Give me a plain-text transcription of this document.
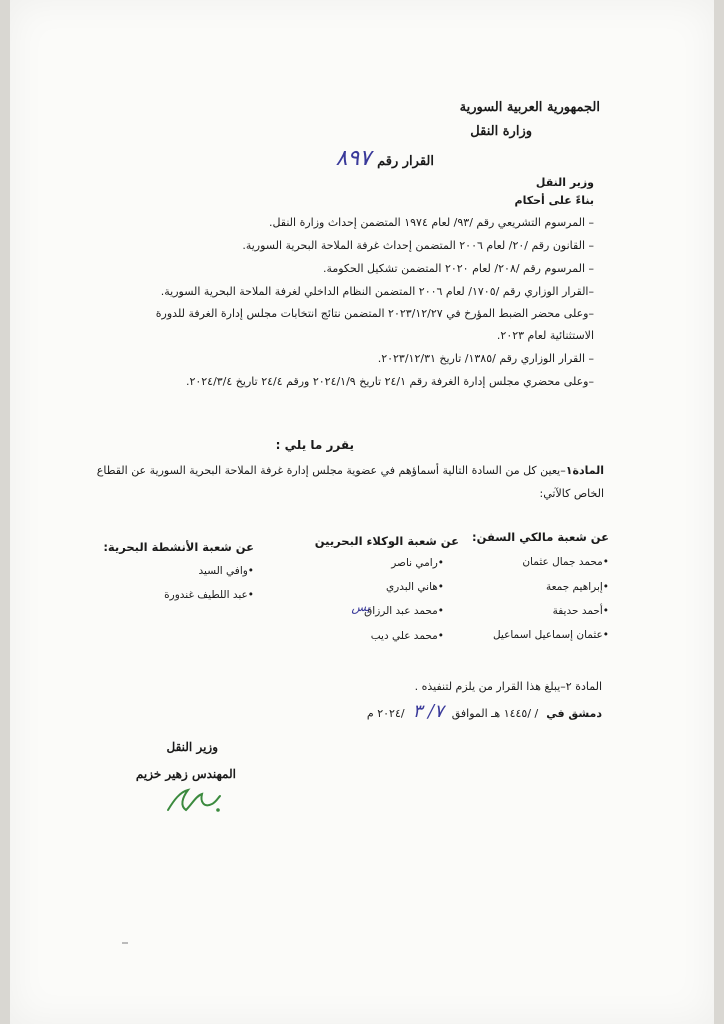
الجمهورية العربية السورية
وزارة النقل
القرار رقم
٨٩٧
وزير النقل
بناءً على أحكام
– المرسوم التشريعي رقم /٩٣/ لعام ١٩٧٤ المتضمن إحداث وزارة النقل.
– القانون رقم /٢٠/ لعام ٢٠٠٦ المتضمن إحداث غرفة الملاحة البحرية السورية.
– المرسوم رقم /٢٠٨/ لعام ٢٠٢٠ المتضمن تشكيل الحكومة.
–القرار الوزاري رقم /١٧٠٥/ لعام ٢٠٠٦ المتضمن النظام الداخلي لغرفة الملاحة البحرية السورية.
–وعلى محضر الضبط المؤرخ في ٢٠٢٣/١٢/٢٧ المتضمن نتائج انتخابات مجلس إدارة الغرفة للدورة
الاستثنائية لعام ٢٠٢٣.
– القرار الوزاري رقم /١٣٨٥/ تاريخ ٢٠٢٣/١٢/٣١.
–وعلى محضري مجلس إدارة الغرفة رقم ٢٤/١ تاريخ ٢٠٢٤/١/٩ ورقم ٢٤/٤ تاريخ ٢٠٢٤/٣/٤.
يقرر ما يلي :
المادة١–يعين كل من السادة التالية أسماؤهم في عضوية مجلس إدارة غرفة الملاحة البحرية السورية عن القطاع
الخاص كالآتي:
عن شعبة مالكي السفن:
•محمد جمال عثمان
•إبراهيم جمعة
•أحمد حديفة
•عثمان إسماعيل اسماعيل
عن شعبة الوكلاء البحريين
•رامي ناصر
•هاني البدري
•محمد عبد الرزاق
ﻳﺲ
•محمد علي ديب
عن شعبة الأنشطة البحرية:
•وافي السيد
•عبد اللطيف غندورة
المادة ٢–يبلغ هذا القرار من يلزم لتنفيذه .
دمشق في
/ /١٤٤٥ هـ الموافق
٧/ ٣
/٢٠٢٤ م
وزير النقل
المهندس زهير خزيم
